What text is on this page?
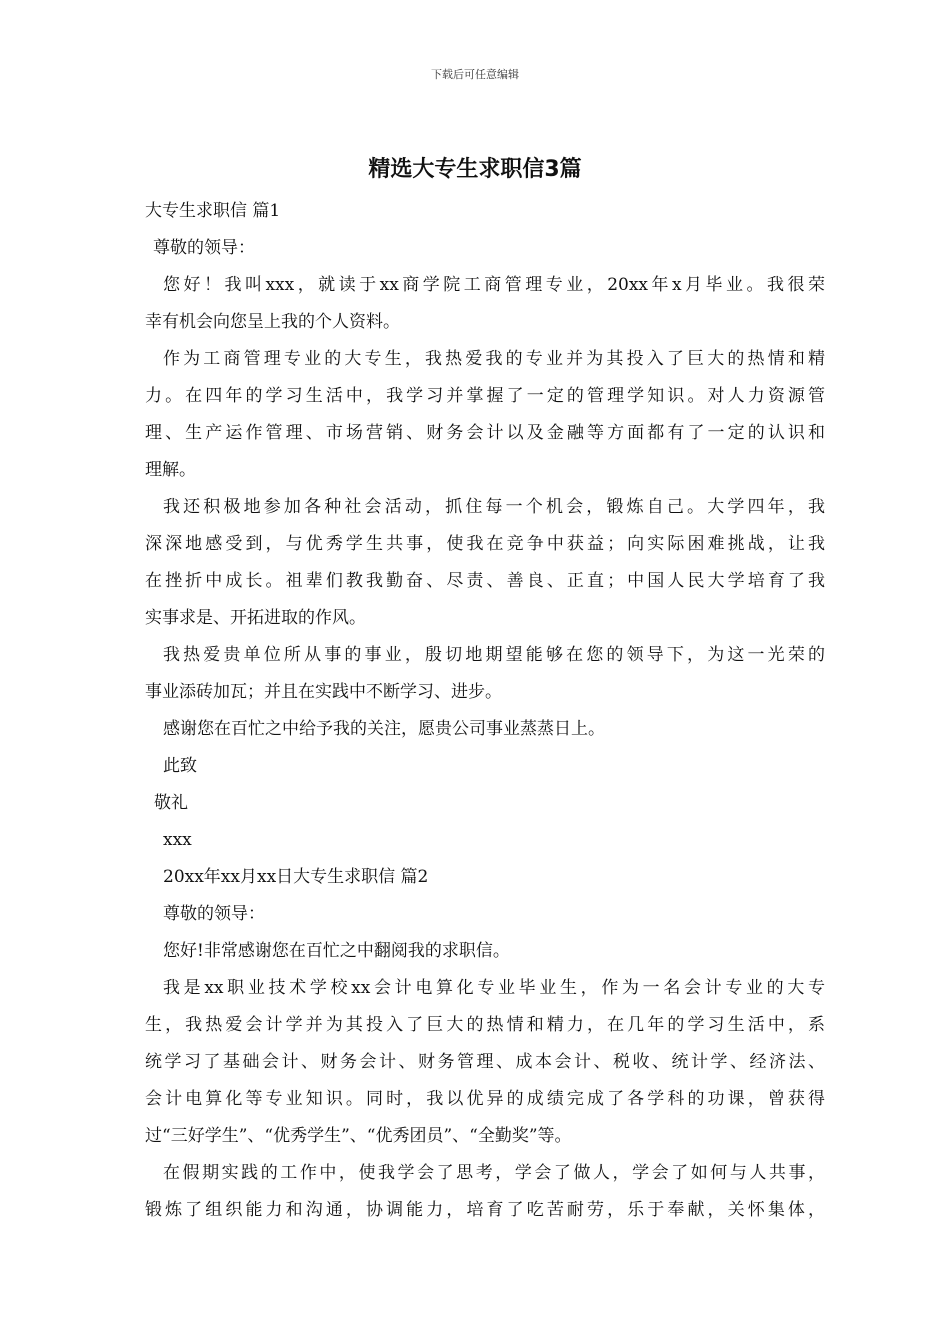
下载后可任意编辑
精选大专生求职信3篇

大专生求职信 篇1

尊敬的领导：

您好！我叫xxx，就读于xx商学院工商管理专业，20xx年x月毕业。我很荣

幸有机会向您呈上我的个人资料。

作为工商管理专业的大专生，我热爱我的专业并为其投入了巨大的热情和精

力。在四年的学习生活中，我学习并掌握了一定的管理学知识。对人力资源管

理、生产运作管理、市场营销、财务会计以及金融等方面都有了一定的认识和

理解。

我还积极地参加各种社会活动，抓住每一个机会，锻炼自己。大学四年，我

深深地感受到，与优秀学生共事，使我在竞争中获益；向实际困难挑战，让我

在挫折中成长。祖辈们教我勤奋、尽责、善良、正直；中国人民大学培育了我

实事求是、开拓进取的作风。

我热爱贵单位所从事的事业，殷切地期望能够在您的领导下，为这一光荣的

事业添砖加瓦；并且在实践中不断学习、进步。

感谢您在百忙之中给予我的关注，愿贵公司事业蒸蒸日上。

此致

敬礼

xxx

20xx年xx月xx日大专生求职信 篇2

尊敬的领导：

您好!非常感谢您在百忙之中翻阅我的求职信。

我是xx职业技术学校xx会计电算化专业毕业生，作为一名会计专业的大专

生，我热爱会计学并为其投入了巨大的热情和精力，在几年的学习生活中，系

统学习了基础会计、财务会计、财务管理、成本会计、税收、统计学、经济法、

会计电算化等专业知识。同时，我以优异的成绩完成了各学科的功课，曾获得

过“三好学生”、“优秀学生”、“优秀团员”、“全勤奖”等。

在假期实践的工作中，使我学会了思考，学会了做人，学会了如何与人共事，

锻炼了组织能力和沟通，协调能力，培育了吃苦耐劳，乐于奉献，关怀集体，
